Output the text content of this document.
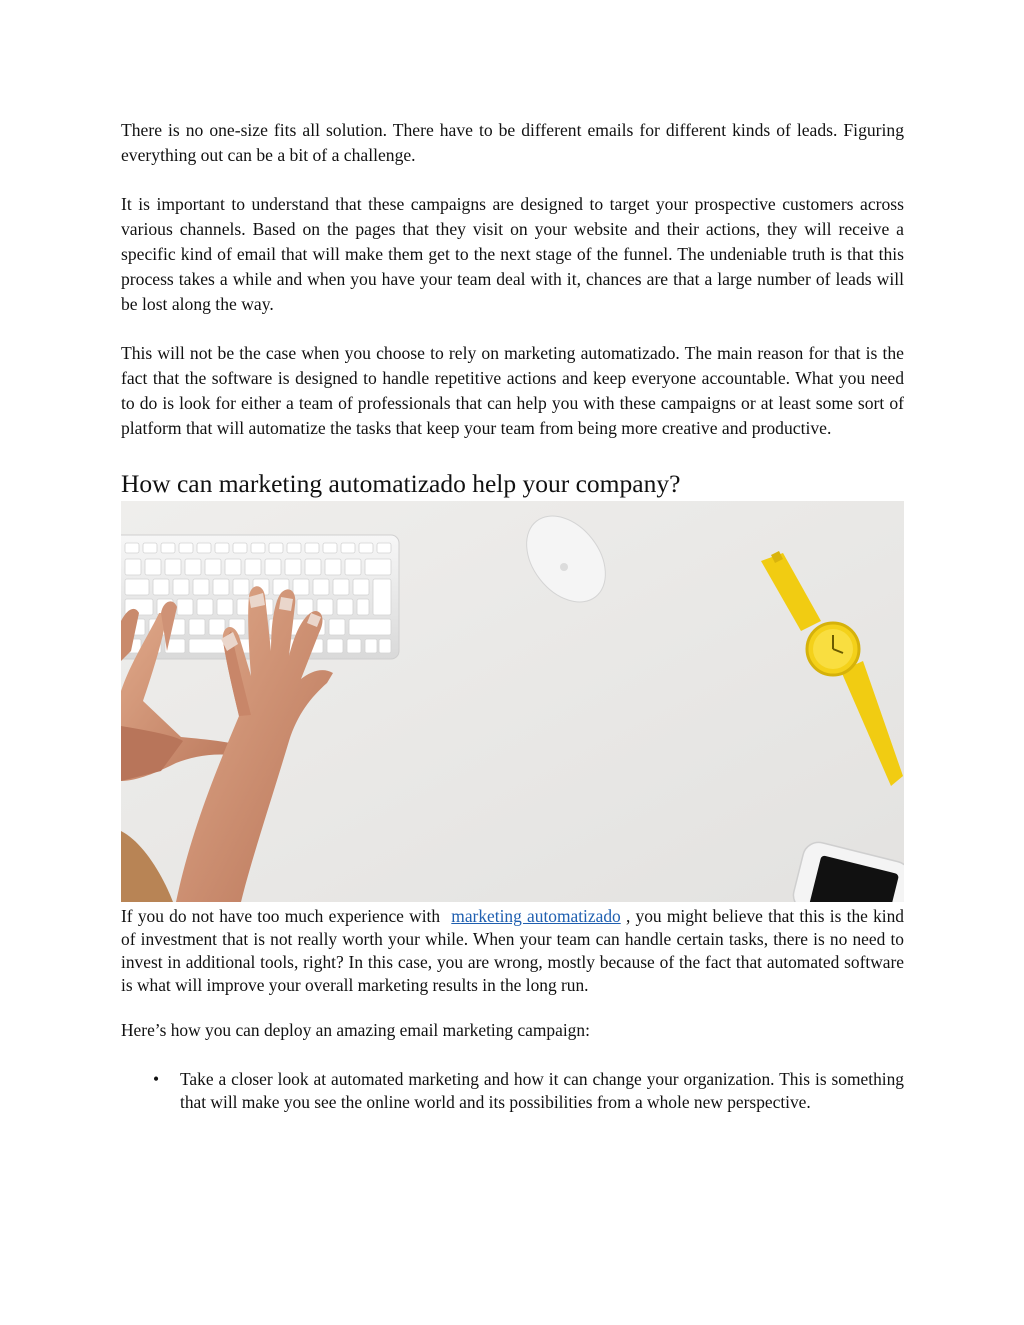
There is no one-size fits all solution. There have to be different emails for different kinds of leads. Figuring everything out can be a bit of a challenge.

It is important to understand that these campaigns are designed to target your prospective customers across various channels. Based on the pages that they visit on your website and their actions, they will receive a specific kind of email that will make them get to the next stage of the funnel. The undeniable truth is that this process takes a while and when you have your team deal with it, chances are that a large number of leads will be lost along the way.

This will not be the case when you choose to rely on marketing automatizado. The main reason for that is the fact that the software is designed to handle repetitive actions and keep everyone accountable. What you need to do is look for either a team of professionals that can help you with these campaigns or at least some sort of platform that will automatize the tasks that keep your team from being more creative and productive.

How can marketing automatizado help your company?

If you do not have too much experience with marketing automatizado , you might believe that this is the kind of investment that is not really worth your while. When your team can handle certain tasks, there is no need to invest in additional tools, right? In this case, you are wrong, mostly because of the fact that automated software is what will improve your overall marketing results in the long run.

Here’s how you can deploy an amazing email marketing campaign:

• Take a closer look at automated marketing and how it can change your organization. This is something that will make you see the online world and its possibilities from a whole new perspective.
